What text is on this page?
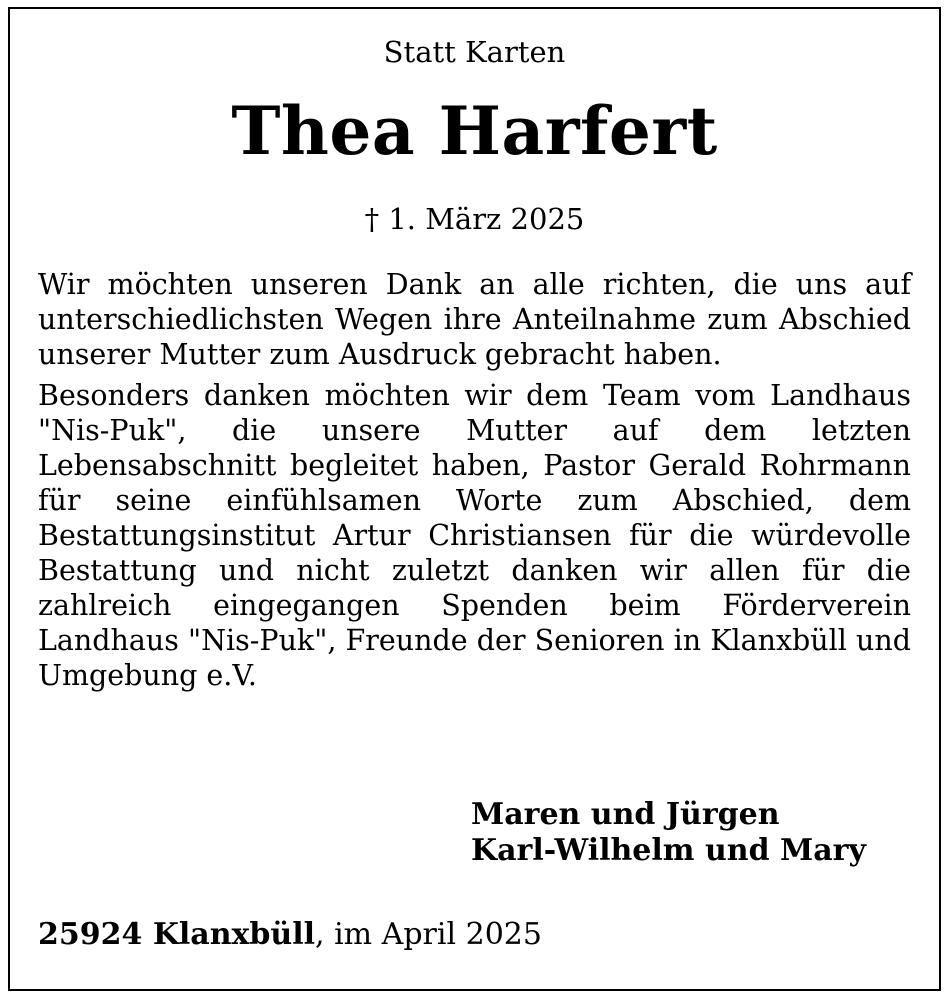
Statt Karten
Thea Harfert
† 1. März 2025

Wir möchten unseren Dank an alle richten, die uns auf unterschiedlichsten Wegen ihre Anteilnahme zum Abschied unserer Mutter zum Ausdruck gebracht haben.

Besonders danken möchten wir dem Team vom Landhaus "Nis-Puk", die unsere Mutter auf dem letzten Lebensabschnitt begleitet haben, Pastor Gerald Rohrmann für seine einfühlsamen Worte zum Abschied, dem Bestattungsinstitut Artur Christiansen für die würdevolle Bestattung und nicht zuletzt danken wir allen für die zahlreich eingegangen Spenden beim Förderverein Landhaus "Nis-Puk", Freunde der Senioren in Klanxbüll und Umgebung e.V.

Maren und Jürgen
Karl-Wilhelm und Mary
25924 Klanxbüll, im April 2025
